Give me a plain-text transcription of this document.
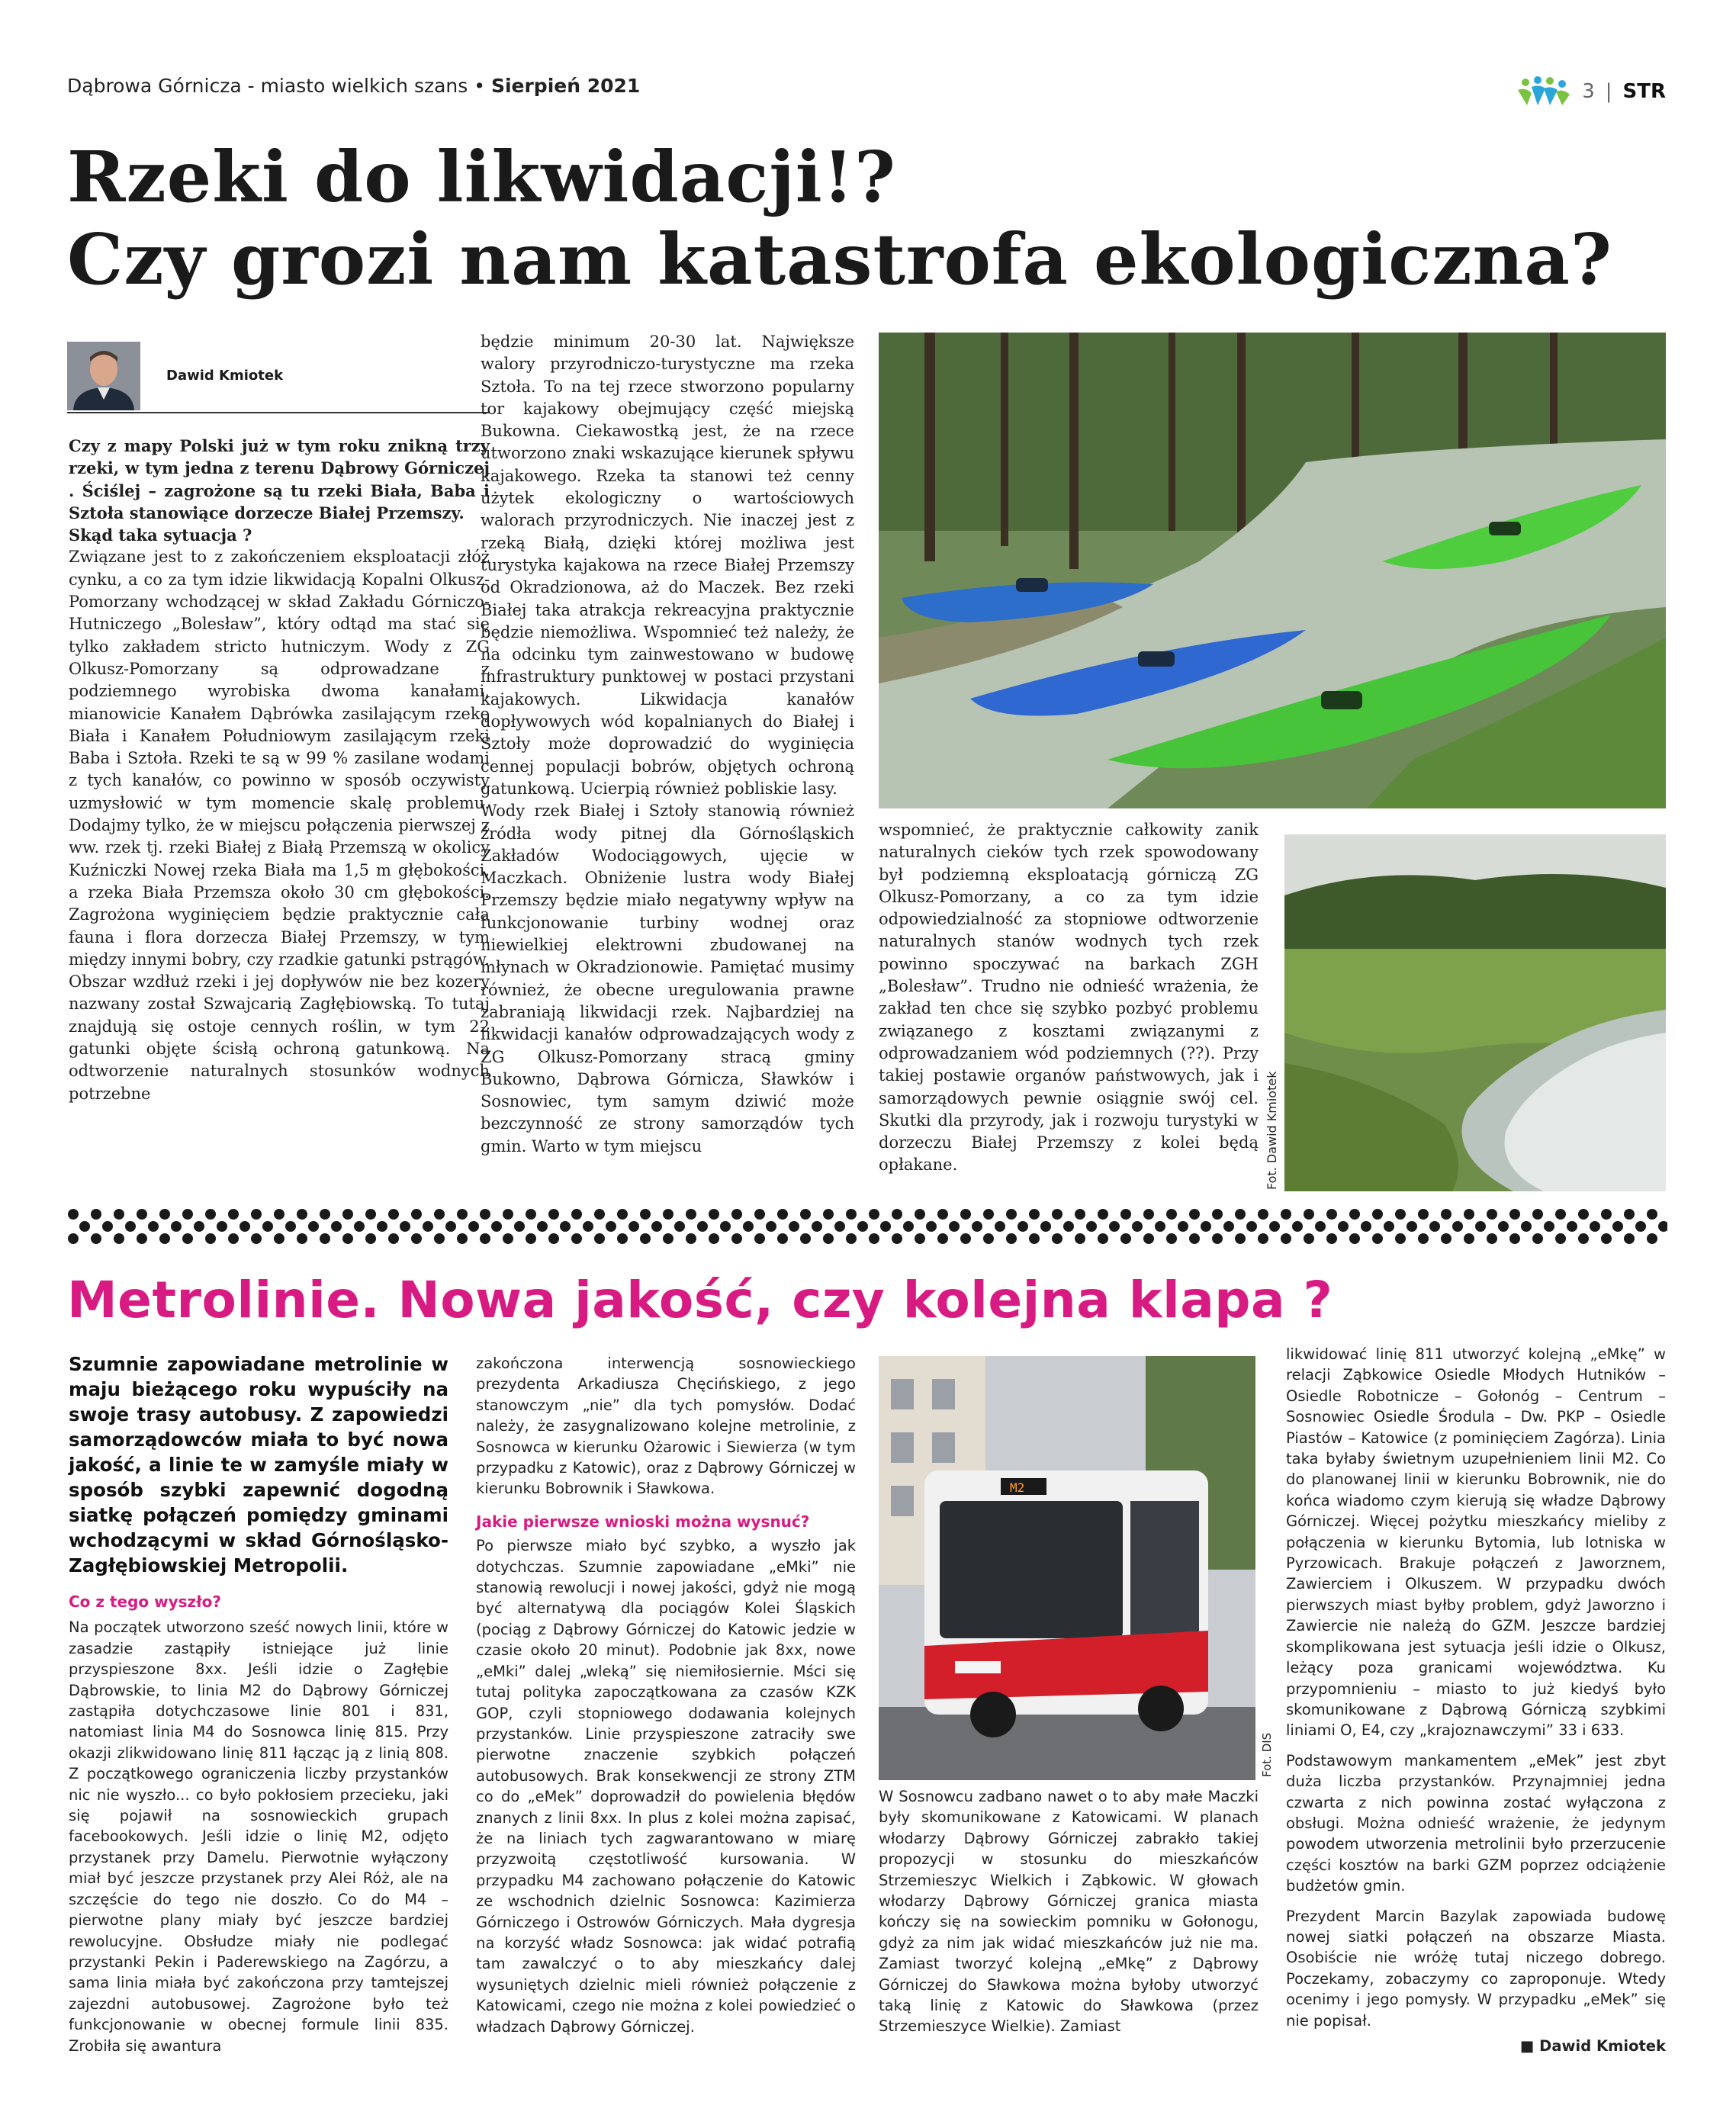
Dąbrowa Górnicza - miasto wielkich szans • Sierpień 2021	3 | STR
Rzeki do likwidacji!?
Czy grozi nam katastrofa ekologiczna?
Dawid Kmiotek

Czy z mapy Polski już w tym roku znikną trzy rzeki, w tym jedna z terenu Dąbrowy Górniczej . Ściślej – zagrożone są tu rzeki Biała, Baba i Sztoła stanowiące dorzecze Białej Przemszy.

Skąd taka sytuacja ?

Związane jest to z zakończeniem eksploatacji złóż cynku, a co za tym idzie likwidacją Kopalni Olkusz-Pomorzany wchodzącej w skład Zakładu Górniczo-Hutniczego „Bolesław”, który odtąd ma stać się tylko zakładem stricto hutniczym. Wody z ZG Olkusz-Pomorzany są odprowadzane z podziemnego wyrobiska dwoma kanałami, mianowicie Kanałem Dąbrówka zasilającym rzekę Biała i Kanałem Południowym zasilającym rzeki Baba i Sztoła. Rzeki te są w 99 % zasilane wodami z tych kanałów, co powinno w sposób oczywisty uzmysłowić w tym momencie skalę problemu. Dodajmy tylko, że w miejscu połączenia pierwszej z ww. rzek tj. rzeki Białej z Białą Przemszą w okolicy Kuźniczki Nowej rzeka Biała ma 1,5 m głębokości, a rzeka Biała Przemsza około 30 cm głębokości. Zagrożona wyginięciem będzie praktycznie cała fauna i flora dorzecza Białej Przemszy, w tym między innymi bobry, czy rzadkie gatunki pstrągów. Obszar wzdłuż rzeki i jej dopływów nie bez kozery nazwany został Szwajcarią Zagłębiowską. To tutaj znajdują się ostoje cennych roślin, w tym 22 gatunki objęte ścisłą ochroną gatunkową. Na odtworzenie naturalnych stosunków wodnych potrzebne

będzie minimum 20-30 lat. Największe walory przyrodniczo-turystyczne ma rzeka Sztoła. To na tej rzece stworzono popularny tor kajakowy obejmujący część miejską Bukowna. Ciekawostką jest, że na rzece utworzono znaki wskazujące kierunek spływu kajakowego. Rzeka ta stanowi też cenny użytek ekologiczny o wartościowych walorach przyrodniczych. Nie inaczej jest z rzeką Białą, dzięki której możliwa jest turystyka kajakowa na rzece Białej Przemszy od Okradzionowa, aż do Maczek. Bez rzeki Białej taka atrakcja rekreacyjna praktycznie będzie niemożliwa. Wspomnieć też należy, że na odcinku tym zainwestowano w budowę infrastruktury punktowej w postaci przystani kajakowych. Likwidacja kanałów dopływowych wód kopalnianych do Białej i Sztoły może doprowadzić do wyginięcia cennej populacji bobrów, objętych ochroną gatunkową. Ucierpią również pobliskie lasy.

Wody rzek Białej i Sztoły stanowią również źródła wody pitnej dla Górnośląskich Zakładów Wodociągowych, ujęcie w Maczkach. Obniżenie lustra wody Białej Przemszy będzie miało negatywny wpływ na funkcjonowanie turbiny wodnej oraz niewielkiej elektrowni zbudowanej na młynach w Okradzionowie. Pamiętać musimy również, że obecne uregulowania prawne zabraniają likwidacji rzek. Najbardziej na likwidacji kanałów odprowadzających wody z ZG Olkusz-Pomorzany stracą gminy Bukowno, Dąbrowa Górnicza, Sławków i Sosnowiec, tym samym dziwić może bezczynność ze strony samorządów tych gmin. Warto w tym miejscu

wspomnieć, że praktycznie całkowity zanik naturalnych cieków tych rzek spowodowany był podziemną eksploatacją górniczą ZG Olkusz-Pomorzany, a co za tym idzie odpowiedzialność za stopniowe odtworzenie naturalnych stanów wodnych tych rzek powinno spoczywać na barkach ZGH „Bolesław”. Trudno nie odnieść wrażenia, że zakład ten chce się szybko pozbyć problemu związanego z kosztami związanymi z odprowadzaniem wód podziemnych (??). Przy takiej postawie organów państwowych, jak i samorządowych pewnie osiągnie swój cel. Skutki dla przyrody, jak i rozwoju turystyki w dorzeczu Białej Przemszy z kolei będą opłakane.	Fot. Dawid Kmiotek
Metrolinie. Nowa jakość, czy kolejna klapa ?

Szumnie zapowiadane metrolinie w maju bieżącego roku wypuściły na swoje trasy autobusy. Z zapowiedzi samorządowców miała to być nowa jakość, a linie te w zamyśle miały w sposób szybki zapewnić dogodną siatkę połączeń pomiędzy gminami wchodzącymi w skład Górnośląsko-Zagłębiowskiej Metropolii.

Co z tego wyszło?

Na początek utworzono sześć nowych linii, które w zasadzie zastąpiły istniejące już linie przyspieszone 8xx. Jeśli idzie o Zagłębie Dąbrowskie, to linia M2 do Dąbrowy Górniczej zastąpiła dotychczasowe linie 801 i 831, natomiast linia M4 do Sosnowca linię 815. Przy okazji zlikwidowano linię 811 łącząc ją z linią 808. Z początkowego ograniczenia liczby przystanków nic nie wyszło... co było pokłosiem przecieku, jaki się pojawił na sosnowieckich grupach facebookowych. Jeśli idzie o linię M2, odjęto przystanek przy Damelu. Pierwotnie wyłączony miał być jeszcze przystanek przy Alei Róż, ale na szczęście do tego nie doszło. Co do M4 – pierwotne plany miały być jeszcze bardziej rewolucyjne. Obsłudze miały nie podlegać przystanki Pekin i Paderewskiego na Zagórzu, a sama linia miała być zakończona przy tamtejszej zajezdni autobusowej. Zagrożone było też funkcjonowanie w obecnej formule linii 835. Zrobiła się awantura

zakończona interwencją sosnowieckiego prezydenta Arkadiusza Chęcińskiego, z jego stanowczym „nie” dla tych pomysłów. Dodać należy, że zasygnalizowano kolejne metrolinie, z Sosnowca w kierunku Ożarowic i Siewierza (w tym przypadku z Katowic), oraz z Dąbrowy Górniczej w kierunku Bobrownik i Sławkowa.

Jakie pierwsze wnioski można wysnuć?

Po pierwsze miało być szybko, a wyszło jak dotychczas. Szumnie zapowiadane „eMki” nie stanowią rewolucji i nowej jakości, gdyż nie mogą być alternatywą dla pociągów Kolei Śląskich (pociąg z Dąbrowy Górniczej do Katowic jedzie w czasie około 20 minut). Podobnie jak 8xx, nowe „eMki” dalej „wleką” się niemiłosiernie. Mści się tutaj polityka zapoczątkowana za czasów KZK GOP, czyli stopniowego dodawania kolejnych przystanków. Linie przyspieszone zatraciły swe pierwotne znaczenie szybkich połączeń autobusowych. Brak konsekwencji ze strony ZTM co do „eMek” doprowadził do powielenia błędów znanych z linii 8xx. In plus z kolei można zapisać, że na liniach tych zagwarantowano w miarę przyzwoitą częstotliwość kursowania. W przypadku M4 zachowano połączenie do Katowic ze wschodnich dzielnic Sosnowca: Kazimierza Górniczego i Ostrowów Górniczych. Mała dygresja na korzyść władz Sosnowca: jak widać potrafią tam zawalczyć o to aby mieszkańcy dalej wysuniętych dzielnic mieli również połączenie z Katowicami, czego nie można z kolei powiedzieć o władzach Dąbrowy Górniczej.

M2
Fot. DIS

W Sosnowcu zadbano nawet o to aby małe Maczki były skomunikowane z Katowicami. W planach włodarzy Dąbrowy Górniczej zabrakło takiej propozycji w stosunku do mieszkańców Strzemieszyc Wielkich i Ząbkowic. W głowach włodarzy Dąbrowy Górniczej granica miasta kończy się na sowieckim pomniku w Gołonogu, gdyż za nim jak widać mieszkańców już nie ma. Zamiast tworzyć kolejną „eMkę” z Dąbrowy Górniczej do Sławkowa można byłoby utworzyć taką linię z Katowic do Sławkowa (przez Strzemieszyce Wielkie). Zamiast

likwidować linię 811 utworzyć kolejną „eMkę” w relacji Ząbkowice Osiedle Młodych Hutników – Osiedle Robotnicze – Gołonóg – Centrum – Sosnowiec Osiedle Środula – Dw. PKP – Osiedle Piastów – Katowice (z pominięciem Zagórza). Linia taka byłaby świetnym uzupełnieniem linii M2. Co do planowanej linii w kierunku Bobrownik, nie do końca wiadomo czym kierują się władze Dąbrowy Górniczej. Więcej pożytku mieszkańcy mieliby z połączenia w kierunku Bytomia, lub lotniska w Pyrzowicach. Brakuje połączeń z Jaworznem, Zawierciem i Olkuszem. W przypadku dwóch pierwszych miast byłby problem, gdyż Jaworzno i Zawiercie nie należą do GZM. Jeszcze bardziej skomplikowana jest sytuacja jeśli idzie o Olkusz, leżący poza granicami województwa. Ku przypomnieniu – miasto to już kiedyś było skomunikowane z Dąbrową Górniczą szybkimi liniami O, E4, czy „krajoznawczymi” 33 i 633.

Podstawowym mankamentem „eMek” jest zbyt duża liczba przystanków. Przynajmniej jedna czwarta z nich powinna zostać wyłączona z obsługi. Można odnieść wrażenie, że jedynym powodem utworzenia metrolinii było przerzucenie części kosztów na barki GZM poprzez odciążenie budżetów gmin.

Prezydent Marcin Bazylak zapowiada budowę nowej siatki połączeń na obszarze Miasta. Osobiście nie wróżę tutaj niczego dobrego. Poczekamy, zobaczymy co zaproponuje. Wtedy ocenimy i jego pomysły. W przypadku „eMek” się nie popisał.

■ Dawid Kmiotek
